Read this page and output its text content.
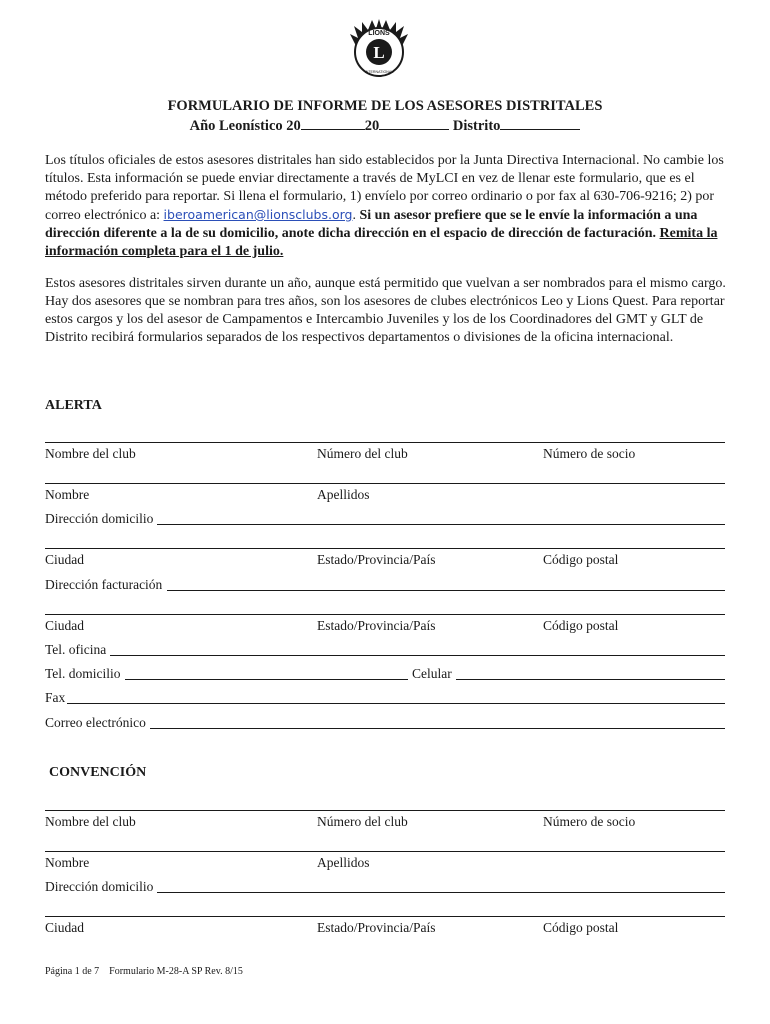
L
LIONS
INTERNATIONAL
FORMULARIO DE INFORME DE LOS ASESORES DISTRITALES
Año Leonístico 20	20	Distrito
Los títulos oficiales de estos asesores distritales han sido establecidos por la Junta Directiva Internacional. No cambie los títulos. Esta información se puede enviar directamente a través de MyLCI en vez de llenar este formulario, que es el método preferido para reportar. Si llena el formulario, 1) envíelo por correo ordinario o por fax al 630-706-9216; 2) por correo electrónico a: iberoamerican@lionsclubs.org. Si un asesor prefiere que se le envíe la información a una dirección diferente a la de su domicilio, anote dicha dirección en el espacio de dirección de facturación. Remita la información completa para el 1 de julio.
Estos asesores distritales sirven durante un año, aunque está permitido que vuelvan a ser nombrados para el mismo cargo. Hay dos asesores que se nombran para tres años, son los asesores de clubes electrónicos Leo y Lions Quest. Para reportar estos cargos y los del asesor de Campamentos e Intercambio Juveniles y los de los Coordinadores del GMT y GLT de Distrito recibirá formularios separados de los respectivos departamentos o divisiones de la oficina internacional.
ALERTA
Nombre del club	Número del club	Número de socio
Nombre	Apellidos
Dirección domicilio
Ciudad	Estado/Provincia/País	Código postal
Dirección facturación
Ciudad	Estado/Provincia/País	Código postal
Tel. oficina
Tel. domicilio	Celular
Fax
Correo electrónico
CONVENCIÓN
Nombre del club	Número del club	Número de socio
Nombre	Apellidos
Dirección domicilio
Ciudad	Estado/Provincia/País	Código postal
Página 1 de 7 Formulario M-28-A SP Rev. 8/15
